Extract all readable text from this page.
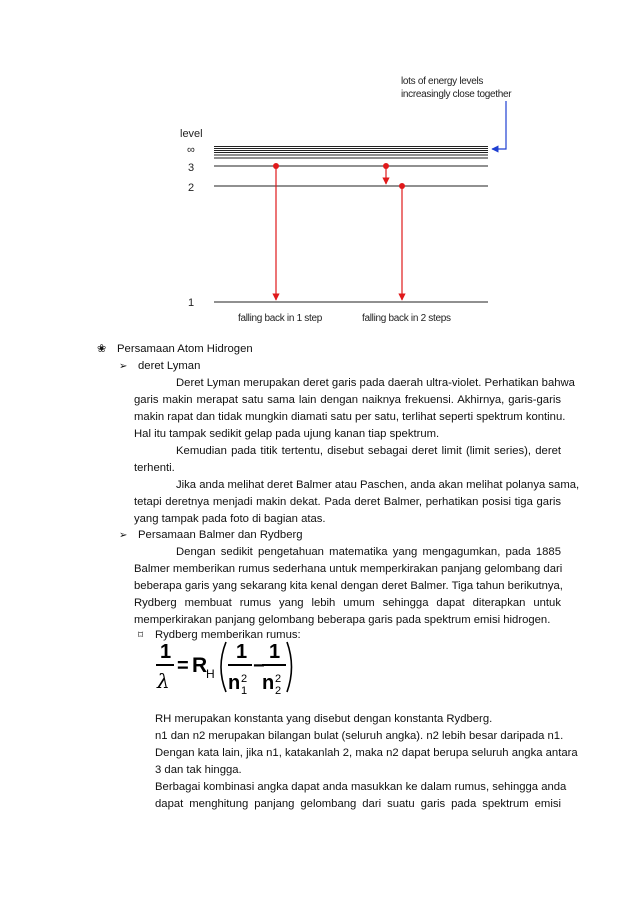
lots of energy levels
increasingly close together
level
∞
3
2
1
falling back in 1 step	falling back in 2 steps
❀ Persamaan Atom Hidrogen
➢ deret Lyman
Deret Lyman merupakan deret garis pada daerah ultra-violet. Perhatikan bahwa
garis makin merapat satu sama lain dengan naiknya frekuensi. Akhirnya, garis-garis
makin rapat dan tidak mungkin diamati satu per satu, terlihat seperti spektrum kontinu.
Hal itu tampak sedikit gelap pada ujung kanan tiap spektrum.
Kemudian pada titik tertentu, disebut sebagai deret limit (limit series), deret
terhenti.
Jika anda melihat deret Balmer atau Paschen, anda akan melihat polanya sama,
tetapi deretnya menjadi makin dekat. Pada deret Balmer, perhatikan posisi tiga garis
yang tampak pada foto di bagian atas.
➢ Persamaan Balmer dan Rydberg
Dengan sedikit pengetahuan matematika yang mengagumkan, pada 1885
Balmer memberikan rumus sederhana untuk memperkirakan panjang gelombang dari
beberapa garis yang sekarang kita kenal dengan deret Balmer. Tiga tahun berikutnya,
Rydberg membuat rumus yang lebih umum sehingga dapat diterapkan untuk
memperkirakan panjang gelombang beberapa garis pada spektrum emisi hidrogen.
⌑ Rydberg memberikan rumus:
RH merupakan konstanta yang disebut dengan konstanta Rydberg.
n1 dan n2 merupakan bilangan bulat (seluruh angka). n2 lebih besar daripada n1.
Dengan kata lain, jika n1, katakanlah 2, maka n2 dapat berupa seluruh angka antara
3 dan tak hingga.
Berbagai kombinasi angka dapat anda masukkan ke dalam rumus, sehingga anda
dapat menghitung panjang gelombang dari suatu garis pada spektrum emisi
1
λ
= R
H
1
n 2
1
−
1
n 2
2
